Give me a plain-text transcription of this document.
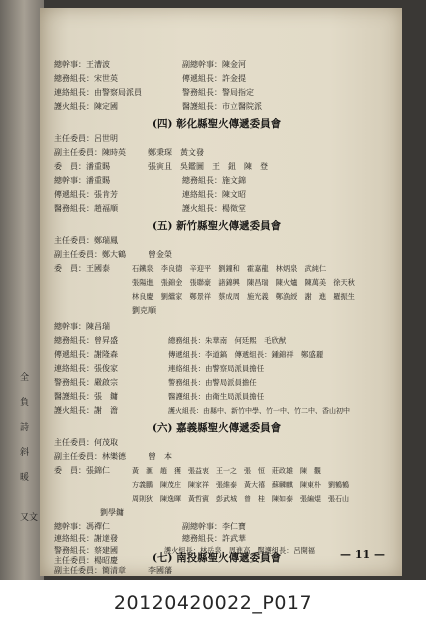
全
負
詩
斜
暖
又文
總幹事：王漕波	副總幹事：陳金河
總務組長：宋世英	傳遞組長：許金提
連絡組長：由警察局派員	警務組長：警局指定
護火組長：陳定國	醫護組長：市立醫院派
(四) 彰化縣聖火傳遞委員會
主任委員：呂世明
副主任委員：陳時英	鄭秉琛　黃文發
委　員：潘重賜	張寅且　吳鑑圖　王　鈕　陳　登
總幹事：潘重賜	總務組長：施文錦
傳遞組長：張肯芳	連絡組長：陳文昭
醫務組長：趙福順	護火組長：楊徵堂
(五) 新竹縣聖火傳遞委員會
主任委員：鄭瑞鳳
副主任委員：鄭大鶴	曾金榮
委　員：王國泰	石鐵泉　李良德　辛迎平　劉鐘和　霍嘉龍　林炳泉　武純仁
張陽進　張錦金　張聯豪　諸錦興　陳昌瑞　陳火爐　陳萬美　徐天秋
林良慶　劉繼家　鄭景祥　蔡成周　施光義　鄭漁綬　謝　進　羅振生
劉克順
總幹事：陳昌瑞
總務組長：曾昇盛	總務組長：朱華南　何廷熙　毛欣猷
傳遞組長：謝隆森	傳遞組長：李道鎬　傳遞組長：鍾錦祥　鄭盛麗
連絡組長：張俊家	連絡組長：由警察局派員擔任
警務組長：嚴啟宗	警務組長：由警局派員擔任
醫護組長：張　鏞	醫護組長：由衛生局派員擔任
護火組長：謝　澹	護火組長：由縣中、新竹中學、竹一中、竹二中、香山初中
(六) 嘉義縣聖火傳遞委員會
主任委員：何茂取
副主任委員：林樂德	曾　本
委　員：張錦仁	黃　滙　趙　獲　張益衷　王一之　張　恒　莊政雄　陳　觀
方義鵬　陳茂庄　陳家祥　張維泰　黃大禧　蘇麟麒　陳東朴　劉鶴鶴
周則狄　陳逸暉　黃哲賓　彭武城　曾　桂　陳如泰　張編焜　張石山
劉學鏞
總幹事：馮禪仁	副總幹事：李仁寶
連絡組長：謝達發	總務組長：許武華
警務組長：蔡建國	護火組長：林岳泉　周進高　醫護組長：呂開福
(七) 南投縣聖火傳遞委員會
主任委員：楊昭慶
副主任委員：簡清章	李國藩
— 11 —
20120420022_P017
